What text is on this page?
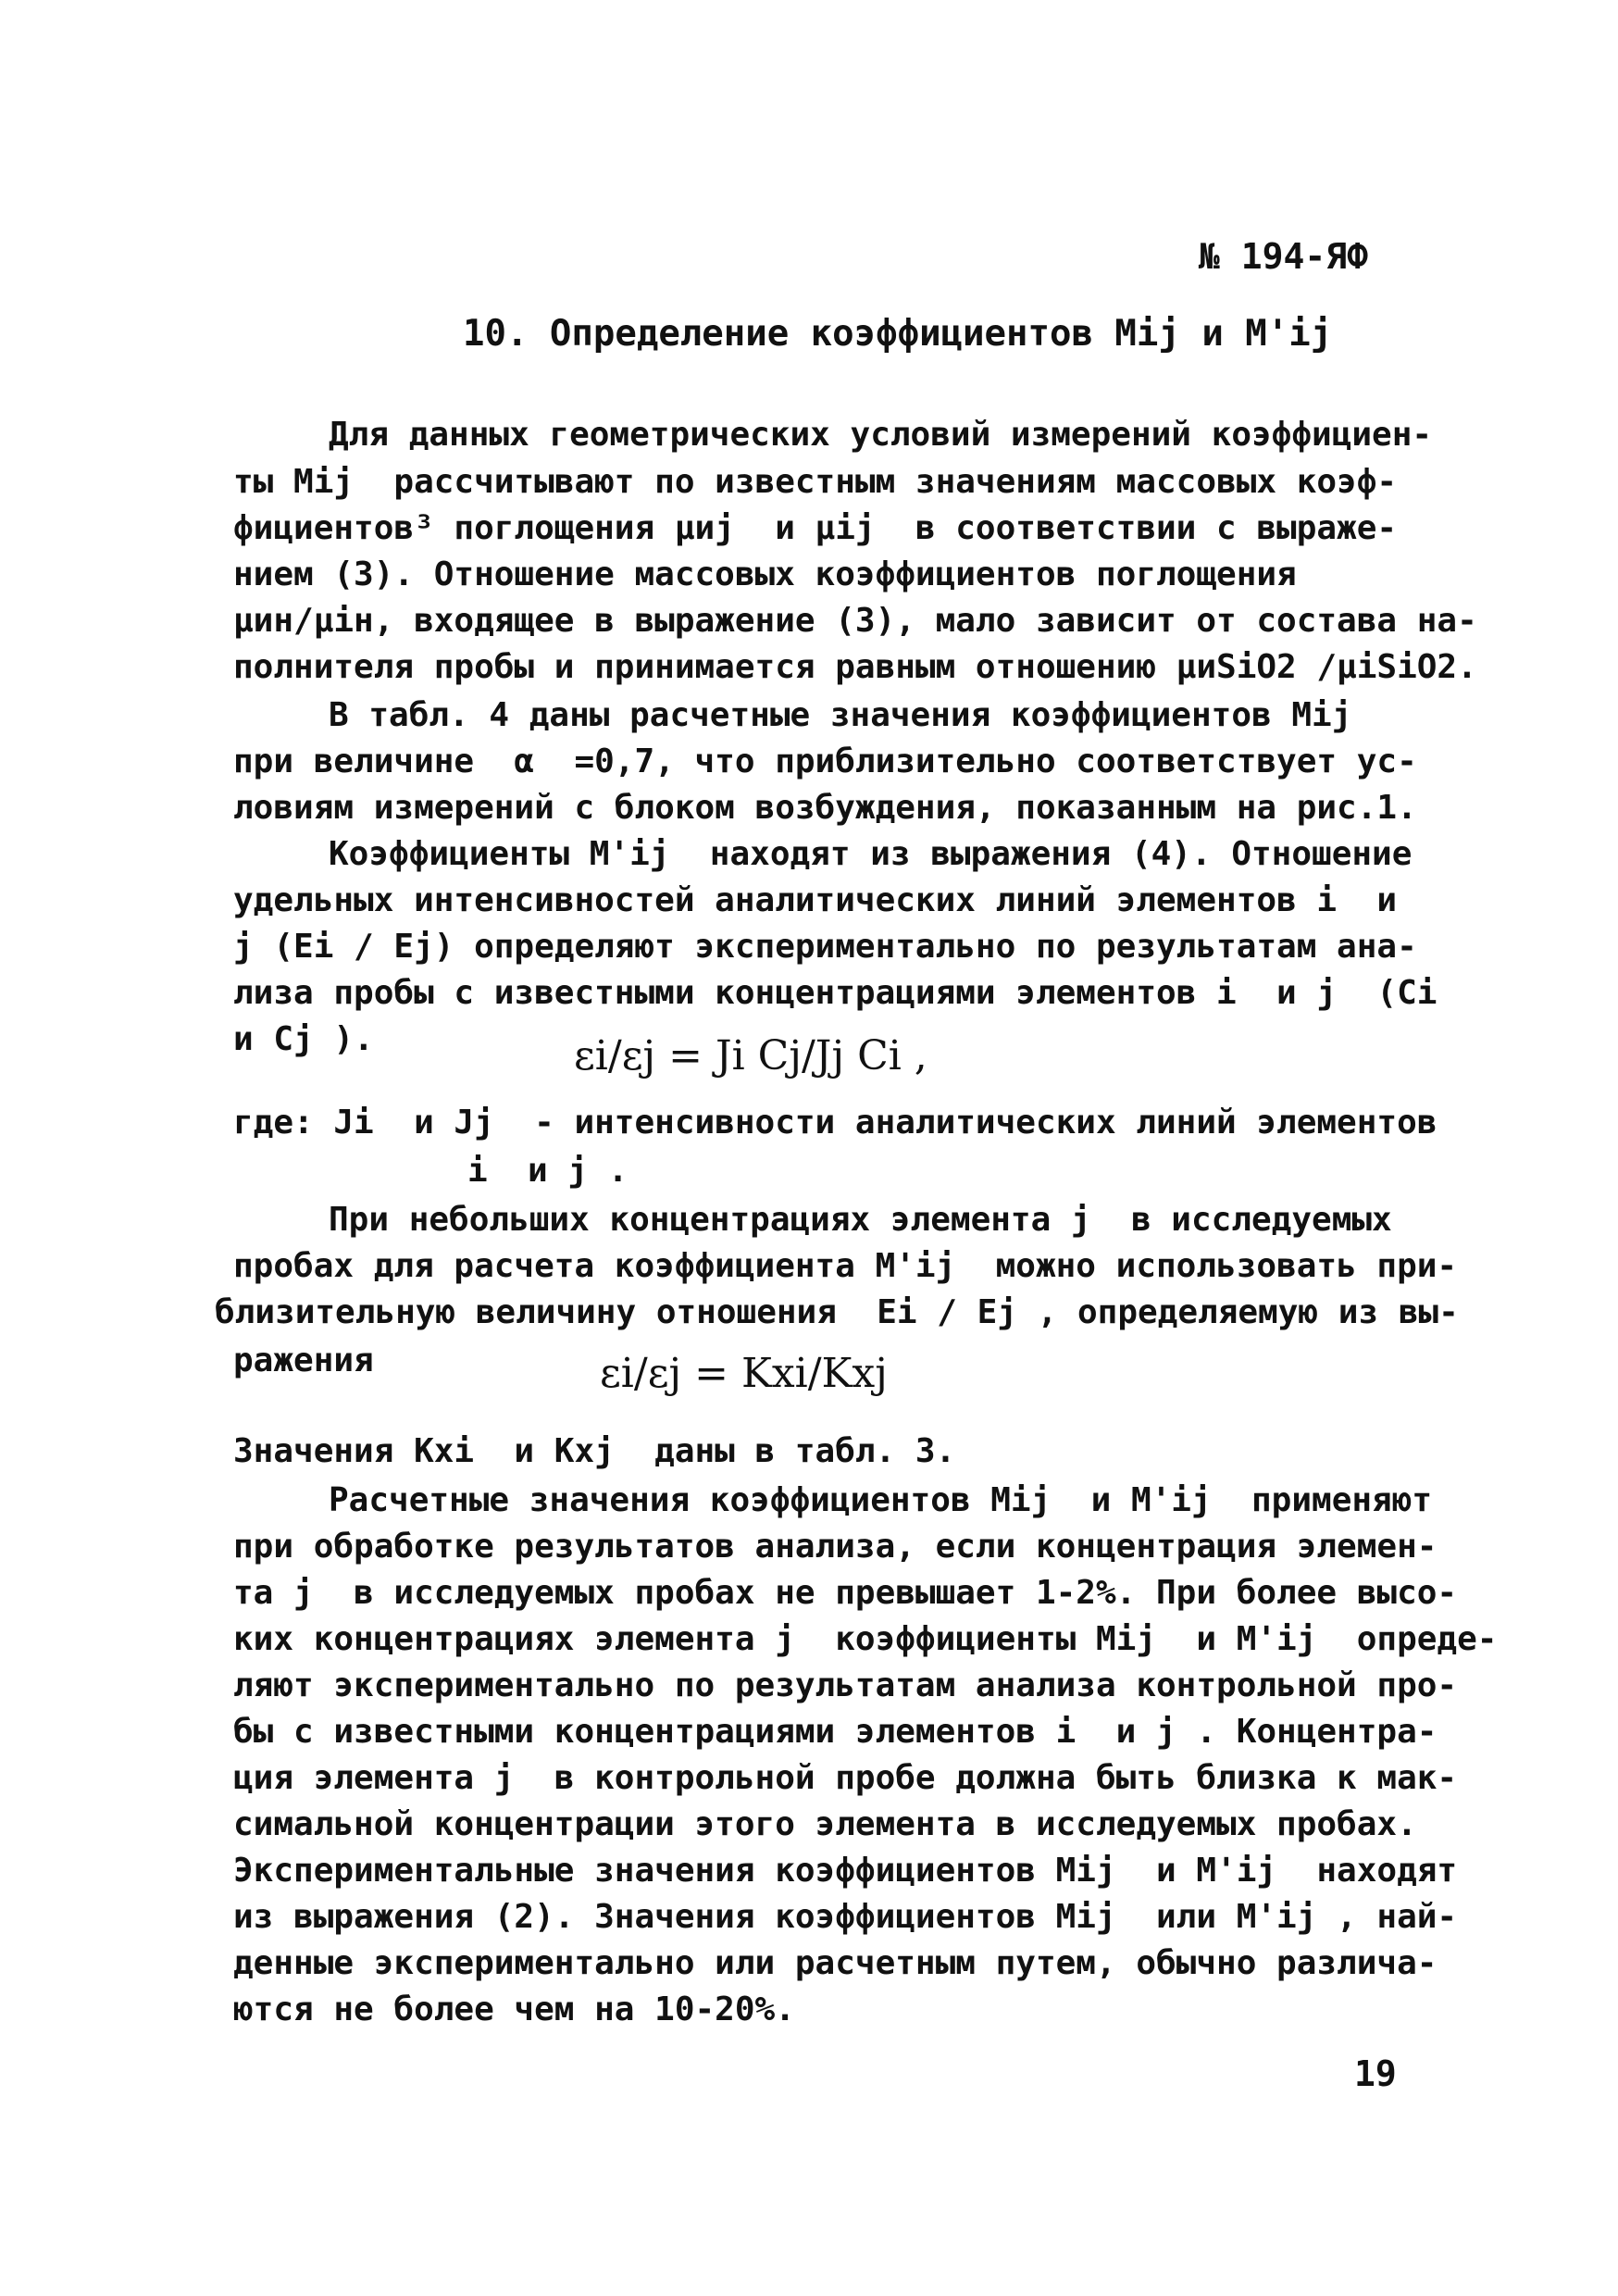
№ 194-ЯФ
10. Определение коэффициентов Mij и M'ij
Для данных геометрических условий измерений коэффициен-
ты Mij  рассчитывают по известным значениям массовых коэф-
фициентов³ поглощения μиj  и μij  в соответствии с выраже-
нием (3). Отношение массовых коэффициентов поглощения
μин/μiн, входящее в выражение (3), мало зависит от состава на-
полнителя пробы и принимается равным отношению μиSiO2 /μiSiO2.
В табл. 4 даны расчетные значения коэффициентов Mij
при величине  α  =0,7, что приблизительно соответствует ус-
ловиям измерений с блоком возбуждения, показанным на рис.1.
Коэффициенты M'ij  находят из выражения (4). Отношение
удельных интенсивностей аналитических линий элементов i  и
j (Ei / Ej) определяют экспериментально по результатам ана-
лиза пробы с известными концентрациями элементов i  и j  (Ci
и Cj ).	εi/εj = Ji Cj/Jj Ci ,
где: Ji  и Jj  - интенсивности аналитических линий элементов
i  и j .
При небольших концентрациях элемента j  в исследуемых
пробах для расчета коэффициента M'ij  можно использовать при-
близительную величину отношения  Ei / Ej , определяемую из вы-
ражения	εi/εj = Kxi/Kxj
Значения Kxi  и Kxj  даны в табл. 3.
Расчетные значения коэффициентов Mij  и M'ij  применяют
при обработке результатов анализа, если концентрация элемен-
та j  в исследуемых пробах не превышает 1-2%. При более высо-
ких концентрациях элемента j  коэффициенты Mij  и M'ij  опреде-
ляют экспериментально по результатам анализа контрольной про-
бы с известными концентрациями элементов i  и j . Концентра-
ция элемента j  в контрольной пробе должна быть близка к мак-
симальной концентрации этого элемента в исследуемых пробах.
Экспериментальные значения коэффициентов Mij  и M'ij  находят
из выражения (2). Значения коэффициентов Mij  или M'ij , най-
денные экспериментально или расчетным путем, обычно различа-
ются не более чем на 10-20%.
19
